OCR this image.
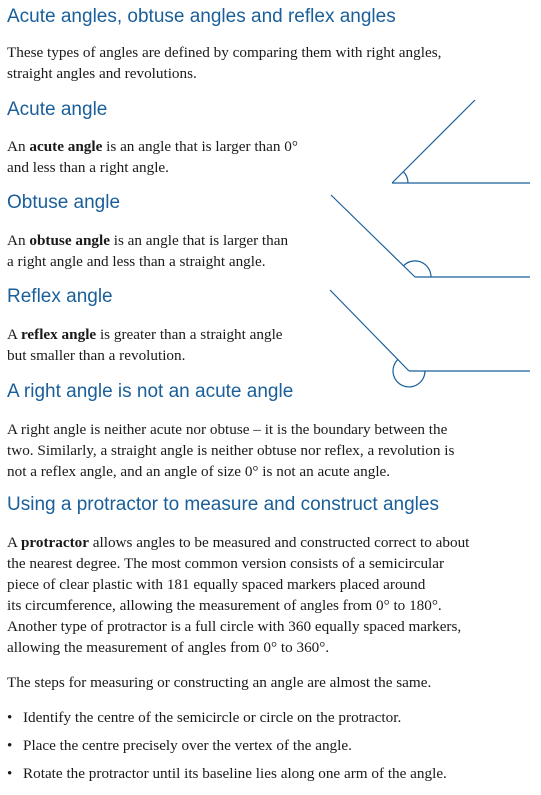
Acute angles, obtuse angles and reflex angles

These types of angles are defined by comparing them with right angles,
straight angles and revolutions.

Acute angle

An acute angle is an angle that is larger than 0°
and less than a right angle.

Obtuse angle

An obtuse angle is an angle that is larger than
a right angle and less than a straight angle.

Reflex angle

A reflex angle is greater than a straight angle
but smaller than a revolution.

A right angle is not an acute angle

A right angle is neither acute nor obtuse – it is the boundary between the
two. Similarly, a straight angle is neither obtuse nor reflex, a revolution is
not a reflex angle, and an angle of size 0° is not an acute angle.

Using a protractor to measure and construct angles

A protractor allows angles to be measured and constructed correct to about
the nearest degree. The most common version consists of a semicircular
piece of clear plastic with 181 equally spaced markers placed around
its circumference, allowing the measurement of angles from 0° to 180°.
Another type of protractor is a full circle with 360 equally spaced markers,
allowing the measurement of angles from 0° to 360°.

The steps for measuring or constructing an angle are almost the same.

• Identify the centre of the semicircle or circle on the protractor.
• Place the centre precisely over the vertex of the angle.
• Rotate the protractor until its baseline lies along one arm of the angle.
